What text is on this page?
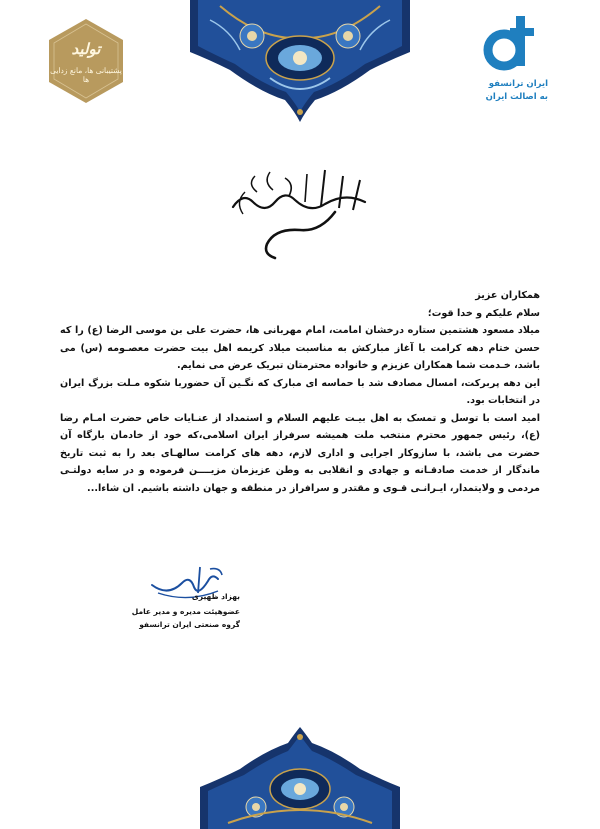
تولید
پشتیبانی ها، مانع زدایی ها	ایران ترانسفو
به اصالت ایران

همکاران عزیز

سلام علیکم و خدا قوت؛

میلاد مسعود هشتمین ستاره درخشان امامت، امام مهربانی ها، حضرت علی بن موسی الرضا (ع) را که حسن ختام دهه کرامت با آغاز مبارکش به مناسبت میلاد کریمه اهل بیت حضرت معصـومه (س) می باشد، خـدمت شما همکاران عزیزم و خانواده محترمتان تبریک عرض می نمایم.

این دهه پربرکت، امسال مصادف شد با حماسه ای مبارک که نگـین آن حضوربا شکوه مـلت بزرگ ایران در انتخابات بود.

امید است با توسل و تمسک به اهل بیـت علیهم السلام و استمداد از عنـایات خاص حضرت امـام رضا (ع)، رئیس جمهور محترم منتخب ملت همیشه سرفراز ایران اسلامی،که خود از خادمان بارگاه آن حضرت می باشد، با سازوکار اجرایی و اداری لازم، دهه های کرامت سالهـای بعد را به ثبت تاریخ ماندگار از خدمت صادقـانه و جهادی و انقلابی به وطن عزیزمان مزیــــن فرموده و در سایه دولتـی مردمی و ولایتمدار، ایـرانـی قـوی و مقتدر و سرافراز در منطقه و جهان داشته باشیم. ان شاءا...

بهزاد ظهیری
عضوهیئت مدیره و مدیر عامل
گروه صنعتی ایران ترانسفو
